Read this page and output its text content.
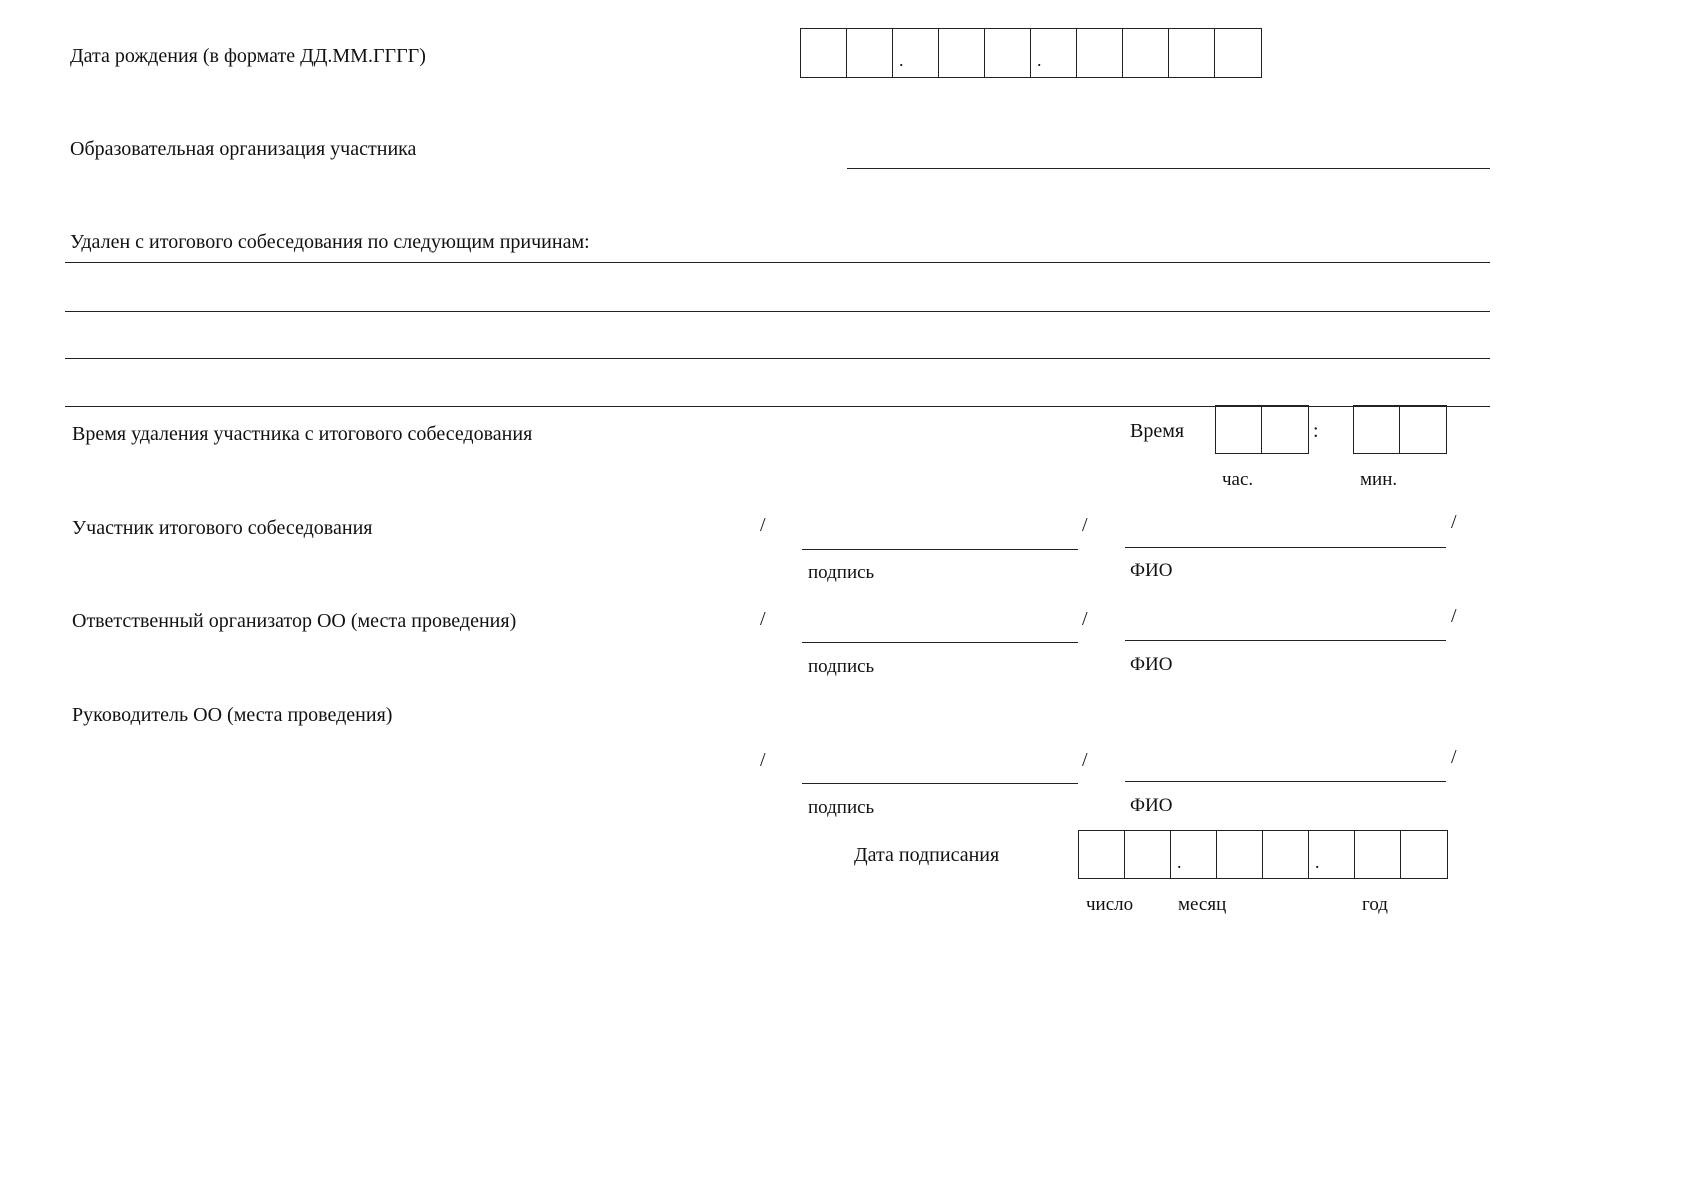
Дата рождения (в формате ДД.ММ.ГГГГ)	.	.
Образовательная организация участника
Удален с итогового собеседования по следующим причинам:
Время удаления участника с итогового собеседования	Время	:
час.	мин.
Участник итогового собеседования	/	/	/
подпись	ФИО
Ответственный организатор ОО (места проведения)	/	/	/
подпись	ФИО
Руководитель ОО (места проведения)
/	/	/
подпись	ФИО
Дата подписания	.	.
число месяц	год
